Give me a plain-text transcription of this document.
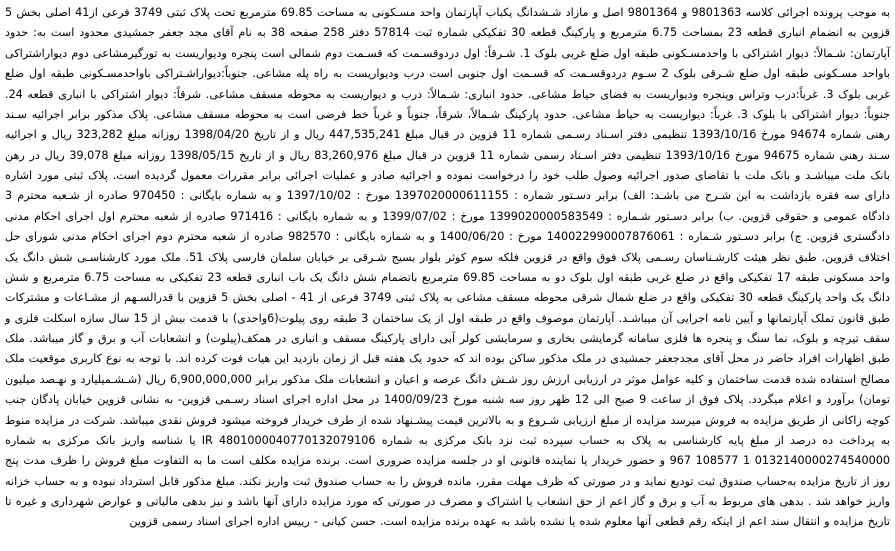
به موجب پرونده اجرائی کلاسه 9801363 و 9801364 اصل و مازاد شـشدانگ یکباب آپارتمان واحد مسـکونی به مساحت 69.85 مترمربع تحت پلاک ثبتی 3749 فرعی از41 اصلی بخش 5 قزوین به انضمام انباری قطعه 23 بمساحت 6.75 مترمربع و پارکینگ قطعه 30 تفکیکی شماره ثبت 57814 دفتر 258 صفحه 38 به نام آقای مجد جعفر جمشیدی محدود است به: حدود آپارتمان: شـمالاً: دیوار اشتراکی با واحدمسـکونی طبقه اول ضلع غربی بلوک 1. شـرقاً: اول دردوقسـمت که قسـمت دوم شمالی است پنجره وديواريست به تورگيرمشاعی دوم دیواراشتراکی باواحد مسـکونی طبقه اول ضلع شـرقی بلوک 2 سـوم دردوقسـمت که قسـمت اول جنوبی است درب وديواريست به راه پله مشاعی. جنوباً:دیواراشـتراکی باواحدمسـکونی طبقه اول ضلع غربی بلوک 3. غرباً:درب وتراس وپنجره وديواريست به فضای حیاط مشاعی. حدود انباری: شـمالاً: درب و دیواریست به محوطه مسقف مشاعی. شرقاً: دیوار اشتراکی با انباری قطعه 24. جنوباً: دیوار اشتراکی با بلوک 3. غرباً: دیواریست به حیاط مشاعی. حدود پارکینگ شـمالاً، شرقاً، جنوباً و غرباً خط فرضی است به محوطه مسقف مشاعی. پلاک مذکور برابر اجرائیه سـند رهنی شماره 94674 مورخ 1393/10/16 تنظیمی دفتر اسـناد رسـمی شماره 11 قزوین در قبال مبلغ 447,535,241 ریال و از تاریخ 1398/04/20 روزانه مبلغ 323,282 ریال و اجرائیه سـند رهنی شماره 94675 مورخ 1393/10/16 تنظیمی دفتر اسـناد رسمی شماره 11 قزوین در قبال مبلغ 83,260,976 ریال و از تاریخ 1398/05/15 روزانه مبلغ 39,078 ریال در رهن بانک ملت میباشـد و بانک ملت با تقاضای صدور اجرائیه وصول طلب خود را درخواست نموده و اجرائیه صادر و عملیات اجرائی برابر مقررات معمول گردیده است. پلاک ثبتی مورد اشاره دارای سه فقره بازداشت به این شـرح می باشـد: الف) برابر دسـتور شماره : 1397020000611155 مورخ : 1397/10/02 و به شماره بایگانی : 970450 صادره از شـعبه محترم 3 دادگاه عمومی و حقوقی قزوین. ب) برابر دسـتور شـماره : 1399020000583549 مورخ : 1399/07/02 و به شماره بایگانی : 971416 صادره از شعبه محترم اول اجرای احکام مدنی دادگستری قزوین. ج) برابر دسـتور شـماره : 140022990007876061 مورخ : 1400/06/20 و به شماره بایگانی : 982570 صادره از شعبه محترم دوم اجرای احکام مدنی شورای حل اختلاف قزوین. طبق نظر هیئت کارشـناسان رسـمی پلاک فوق واقع در قزوین فلکه سوم کوثر بلوار بسیج شـرقی بر خیابان سلمان فارسی پلاک 51. ملک مورد کارشناسـی شش دانگ یک واحد مسکونی طبقه 17 تفکیکی واقع در ضلع غربی طبقه اول بلوک دو به مساحت 69.85 مترمربع باتضمام شش دانگ یک باب انباری قطعه 23 تفکیکی به مساحت 6.75 مترمربع و شش دانگ یک واحد پارکینگ قطعه 30 تفکیکی واقع در ضلع شمال شرقی محوطه مسقف مشاعی به پلاک ثبتی 3749 فرعی از 41 - اصلی بخش 5 قزوین با قدرالسـهم از مشـاعات و مشترکات طبق قانون تملک آپارتمانها و آیین نامه اجرایی آن میباشـد. آپارتمان موصوف واقع در طبقه اول از یک ساختمان 3 طبقه روی پیلوت(6واحدی) با قدمت بیش از 15 سال سازه اسکلت فلزی و سقف تیرچه و بلوک، نما سنگ و پنجره ها فلزی سامانه گرمایشی بخاری و سرمایشی کولر آبی دارای پارکینگ مسقف و انباری در همکف(پیلوت) و انشعابات آب و برق و گاز میباشد. ملک طبق اظهارات افراد حاضر در محل آقای مجدجعفر جمشیدی در ملک مذکور ساکن بوده اند که حدود یک هفته قبل از زمان بازدید این هیات فوت کرده اند. با توجه به نوع کاربری موقعیت ملک مصالح استفاده شده قدمت ساختمان و کلیه عوامل موثر در ارزیابی ارزش روز شـش دانگ عرصه و اعیان و انشعابات ملک مذکور برابر 6,900,000,000 ریال (شـشـمیلیارد و نهـصد میلیون تومان) برآورد و اعلام میگردد. پلاک فوق از ساعت 9 صبح الی 12 ظهر روز سه شنبه مورخ 1400/09/23 در محل اداره اجرای اسناد رسـمی قزوین- به نشانی قزوین خیابان پادگان جنب کوچه زاکانی از طریق مزایده به فروش میرسد مزایده از مبلغ ارزیابی شـروع و به بالاترین قیمت پیشـنهاد شده از طرف خریدار فروخته میشود فروش نقدی میباشد. شرکت در مزایده منوط به پرداخت ده درصد از مبلغ پایه کارشناسی به پلاک به حساب سپرده ثبت نزد بانک مرکزی به شماره 4801000040770132079106 IR یا شناسه واریز بانک مرکزی به شماره 0132140000274540000 1 108577 967 و حضور خریدار یا نماینده قانونی او در جلسه مزایده ضروری است. برنده مزایده مکلف است ما به التفاوت مبلغ فروش را ظرف مدت پنج روز از تاریخ مزایده به‌حساب صندوق ثبت تودیع نماید و در صورتی که ظرف مهلت مقرر، مانده فروش را به حساب صندوق ثبت واریز نکند. مبلغ مذکور قابل استرداد نبوده و به حساب خزانه واریز خواهد شد . بدهی های مربوط به آب و برق و گاز اعم از حق انشعاب یا اشتراک و مصرف در صورتی که مورد مزایده دارای آنها باشد و نیز بدهی مالیاتی و عوارض شهرداری و غیره تا تاریخ مزایده و انتقال سند اعم از اینکه رقم قطعی آنها معلوم شده یا نشده باشد به عهده برنده مزایده است. حسن کیانی - رییس اداره اجرای اسناد رسمی قزوین
